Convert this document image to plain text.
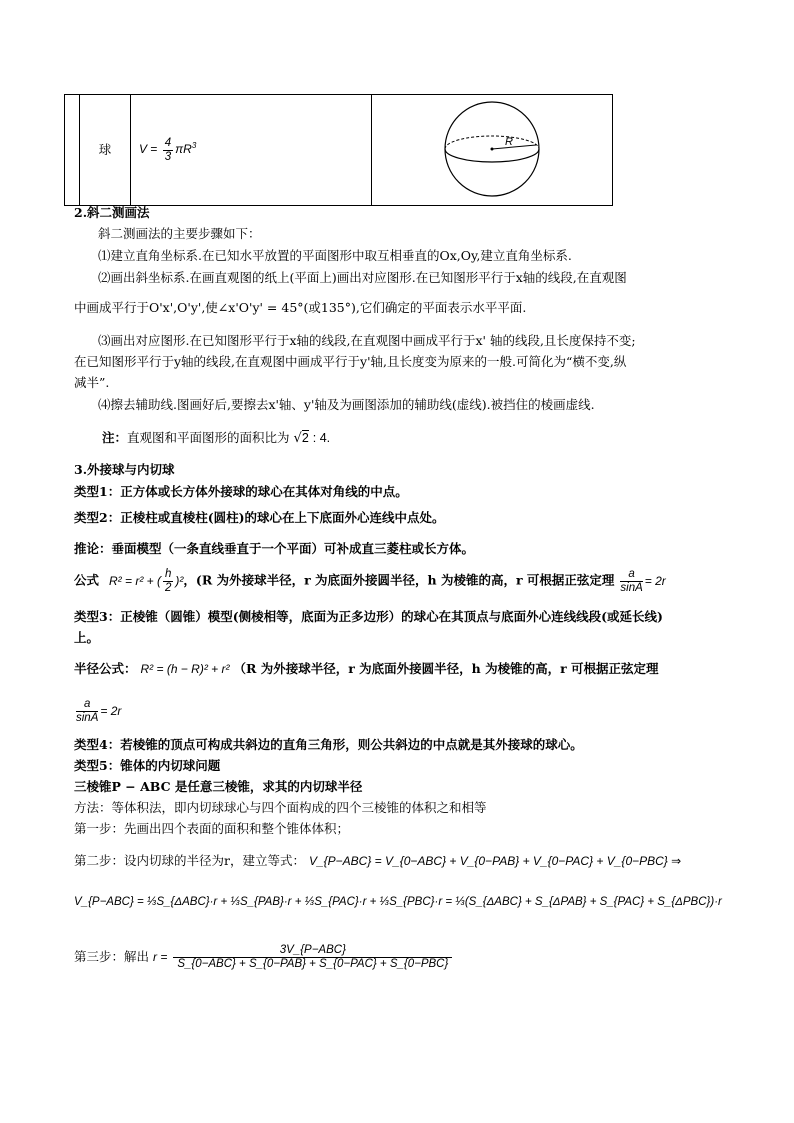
	球	$V = \frac{4}{3} \pi R^3$	R
2.斜二测画法
斜二测画法的主要步骤如下：
⑴建立直角坐标系.在已知水平放置的平面图形中取互相垂直的Ox,Oy,建立直角坐标系.
⑵画出斜坐标系.在画直观图的纸上(平面上)画出对应图形.在已知图形平行于x轴的线段,在直观图
中画成平行于O'x',O'y',使∠x'O'y' = 45°(或135°),它们确定的平面表示水平平面.
⑶画出对应图形.在已知图形平行于x轴的线段,在直观图中画成平行于x' 轴的线段,且长度保持不变;
在已知图形平行于y轴的线段,在直观图中画成平行于y'轴,且长度变为原来的一般.可简化为“横不变,纵
减半”.
⑷擦去辅助线.图画好后,要擦去x'轴、y'轴及为画图添加的辅助线(虚线).被挡住的棱画虚线.
注：直观图和平面图形的面积比为 √2 : 4.
3.外接球与内切球
类型1：正方体或长方体外接球的球心在其体对角线的中点。
类型2：正棱柱或直棱柱(圆柱)的球心在上下底面外心连线中点处。
推论：垂面模型（一条直线垂直于一个平面）可补成直三菱柱或长方体。
公式 R² = r² + ( $\frac{h}{2} )^2$，(R 为外接球半径，r 为底面外接圆半径，h 为棱锥的高，r 可根据正弦定理 $\frac{a}{\sin A} = 2r$
类型3：正棱锥（圆锥）模型(侧棱相等，底面为正多边形）的球心在其顶点与底面外心连线线段(或延长线)
上。
半径公式： R² = (h − R)² + r² （R 为外接球半径，r 为底面外接圆半径，h 为棱锥的高，r 可根据正弦定理
$\frac{a}{\sin A} = 2r$
类型4：若棱锥的顶点可构成共斜边的直角三角形，则公共斜边的中点就是其外接球的球心。
类型5：锥体的内切球问题
三棱锥P − ABC 是任意三棱锥，求其的内切球半径
方法：等体积法，即内切球球心与四个面构成的四个三棱锥的体积之和相等
第一步：先画出四个表面的面积和整个锥体体积；
第二步：设内切球的半径为r，建立等式： V_{P−ABC} = V_{0−ABC} + V_{0−PAB} + V_{0−PAC} + V_{0−PBC} ⇒
V_{P−ABC} = ⅓S_{ΔABC}·r + ⅓S_{PAB}·r + ⅓S_{PAC}·r + ⅓S_{PBC}·r = ⅓(S_{ΔABC} + S_{ΔPAB} + S_{PAC} + S_{ΔPBC})·r
第三步：解出 $r = \frac{\text{3V\_\{P−ABC\}}}{\text{S\_\{0−ABC\} + S\_\{0−PAB\} + S\_\{0−PAC\} + S\_\{0−PBC\}}}$
